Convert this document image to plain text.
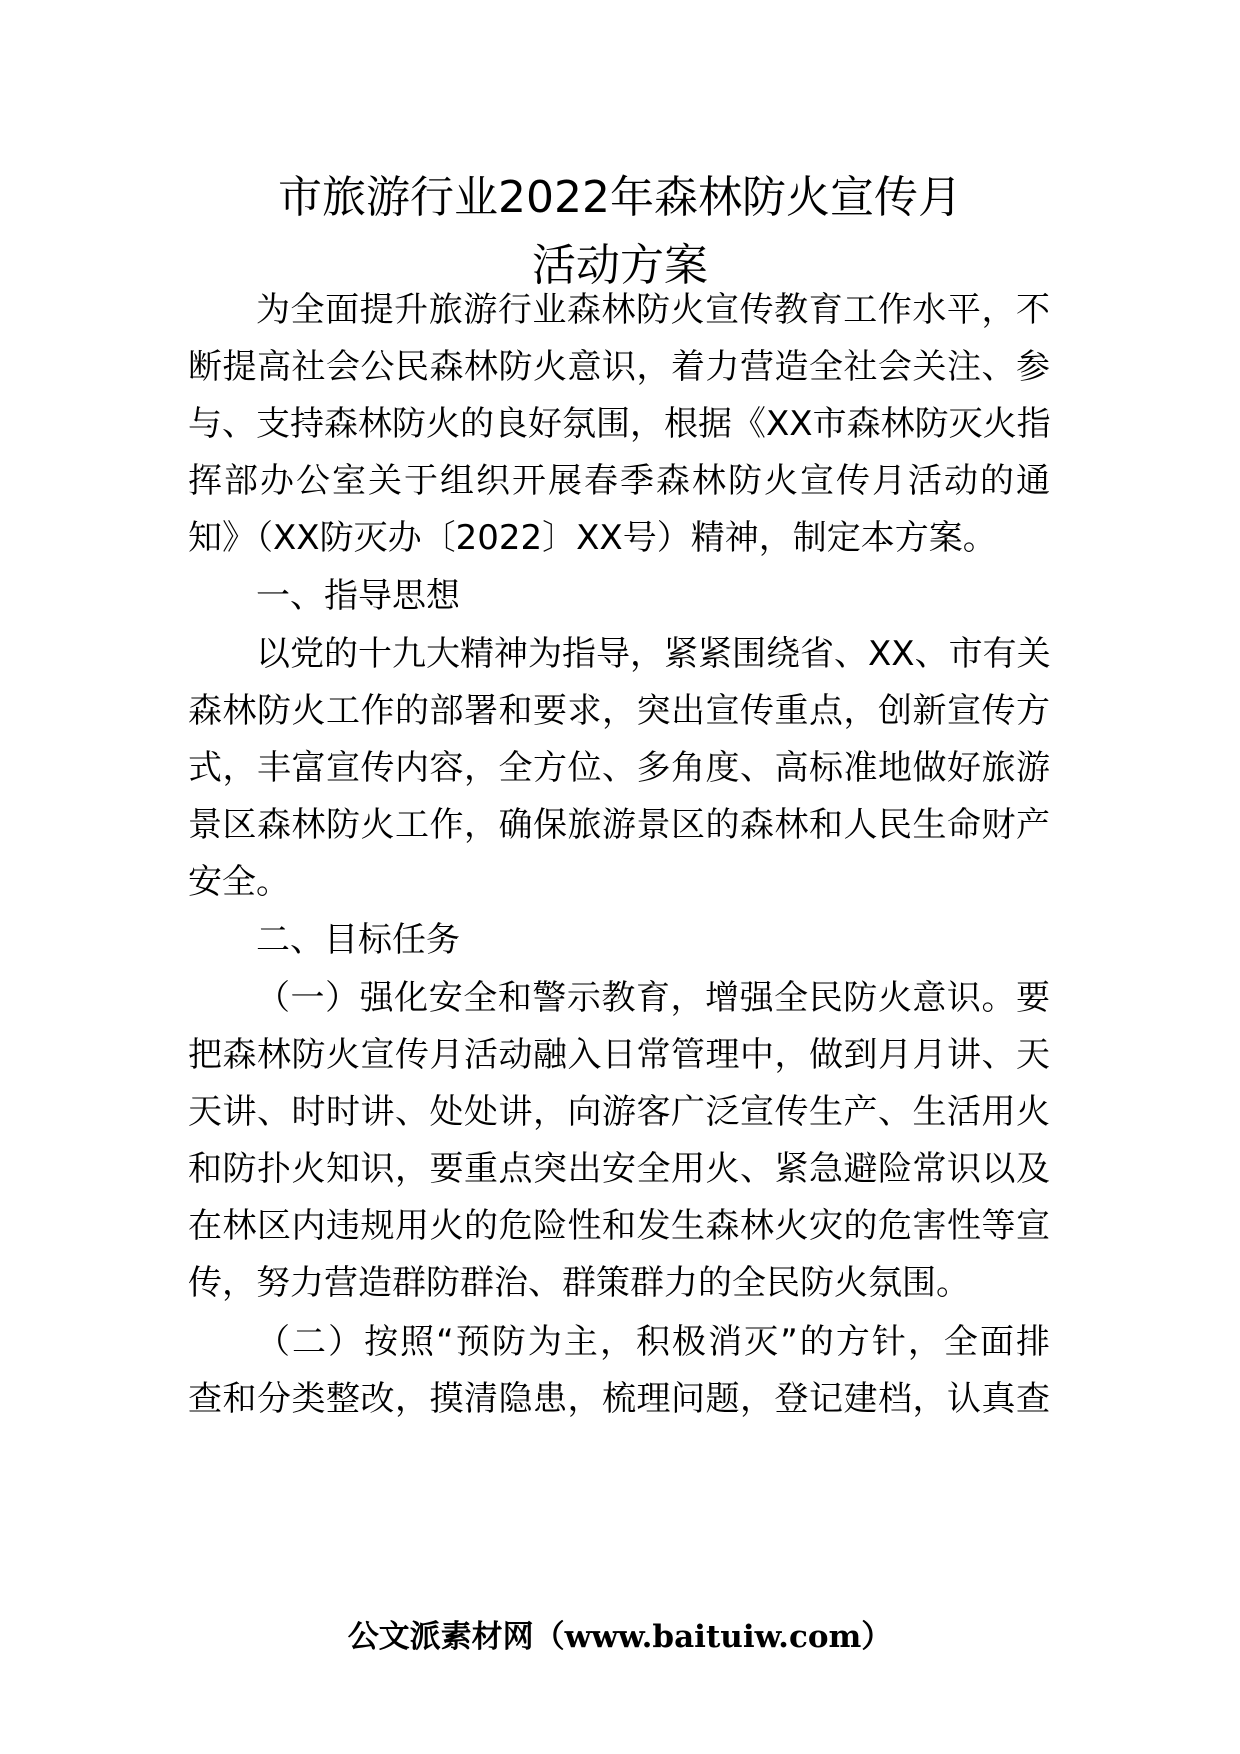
市旅游行业2022年森林防火宣传月
活动方案
为全面提升旅游行业森林防火宣传教育工作水平，不
断提高社会公民森林防火意识，着力营造全社会关注、参
与、支持森林防火的良好氛围，根据《XX市森林防灭火指
挥部办公室关于组织开展春季森林防火宣传月活动的通
知》（XX防灭办〔2022〕XX号）精神，制定本方案。
一、指导思想
以党的十九大精神为指导，紧紧围绕省、XX、市有关
森林防火工作的部署和要求，突出宣传重点，创新宣传方
式，丰富宣传内容，全方位、多角度、高标准地做好旅游
景区森林防火工作，确保旅游景区的森林和人民生命财产
安全。
二、目标任务
（一）强化安全和警示教育，增强全民防火意识。要
把森林防火宣传月活动融入日常管理中，做到月月讲、天
天讲、时时讲、处处讲，向游客广泛宣传生产、生活用火
和防扑火知识，要重点突出安全用火、紧急避险常识以及
在林区内违规用火的危险性和发生森林火灾的危害性等宣
传，努力营造群防群治、群策群力的全民防火氛围。
（二）按照“预防为主，积极消灭”的方针，全面排
查和分类整改，摸清隐患，梳理问题，登记建档，认真查
公文派素材网（www.baituiw.com）
